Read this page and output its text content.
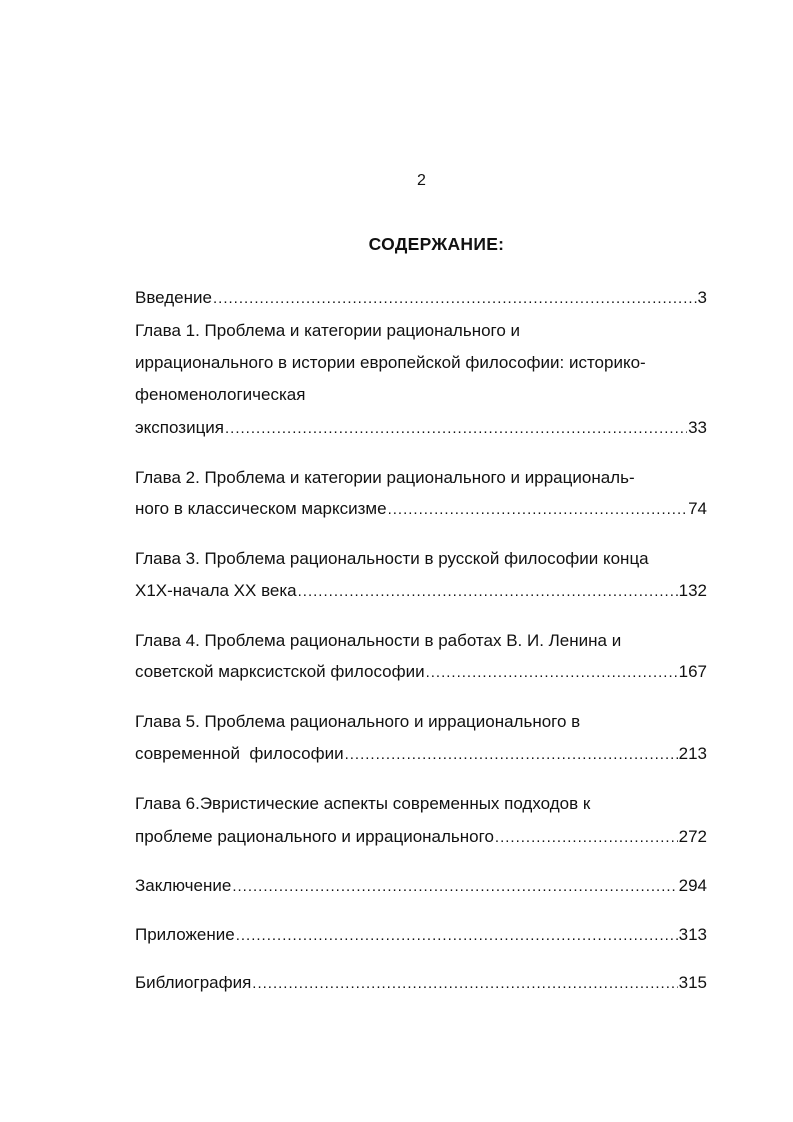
2
СОДЕРЖАНИЕ:
Введение .....	3
Глава 1. Проблема и категории рационального и
иррационального в истории европейской философии: историко-
феноменологическая
экспозиция .....	33
Глава 2. Проблема и категории рационального и иррациональ-
ного в классическом марксизме .....	74
Глава 3. Проблема рациональности в русской философии конца
Х1Х-начала ХХ века .....	132
Глава 4. Проблема рациональности в работах В. И. Ленина и
советской марксистской философии .....	167
Глава 5. Проблема рационального и иррационального в
современной  философии .....	213
Глава 6.Эвристические аспекты современных подходов к
проблеме рационального и иррационального .....	272
Заключение .....	294
Приложение .....	313
Библиография .....	315
